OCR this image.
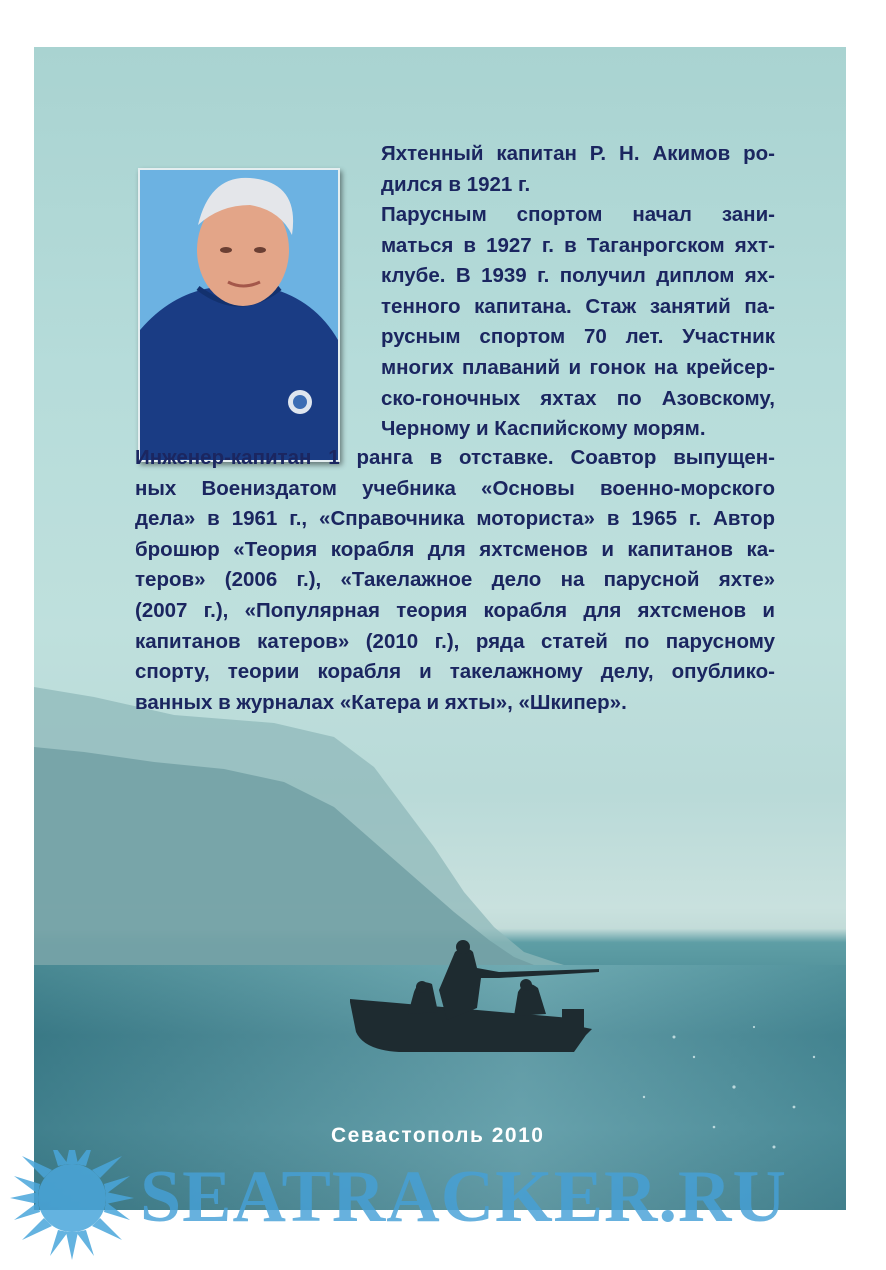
Яхтенный капитан Р. Н. Акимов ро-
дился в 1921 г.

Парусным спортом начал зани-
маться в 1927 г. в Таганрогском яхт-
клубе. В 1939 г. получил диплом ях-
тенного капитана. Стаж занятий па-
русным спортом 70 лет. Участник
многих плаваний и гонок на крейсер-
ско-гоночных яхтах по Азовскому,
Черному и Каспийскому морям.

Инженер-капитан 1 ранга в отставке. Соавтор выпущен-
ных Воениздатом учебника «Основы военно-морского
дела» в 1961 г., «Справочника моториста» в 1965 г. Автор
брошюр «Теория корабля для яхтсменов и капитанов ка-
теров» (2006 г.), «Такелажное дело на парусной яхте»
(2007 г.), «Популярная теория корабля для яхтсменов и
капитанов катеров» (2010 г.), ряда статей по парусному
спорту, теории корабля и такелажному делу, опублико-
ванных в журналах «Катера и яхты», «Шкипер».

Севастополь 2010
SEATRACKER.RU
